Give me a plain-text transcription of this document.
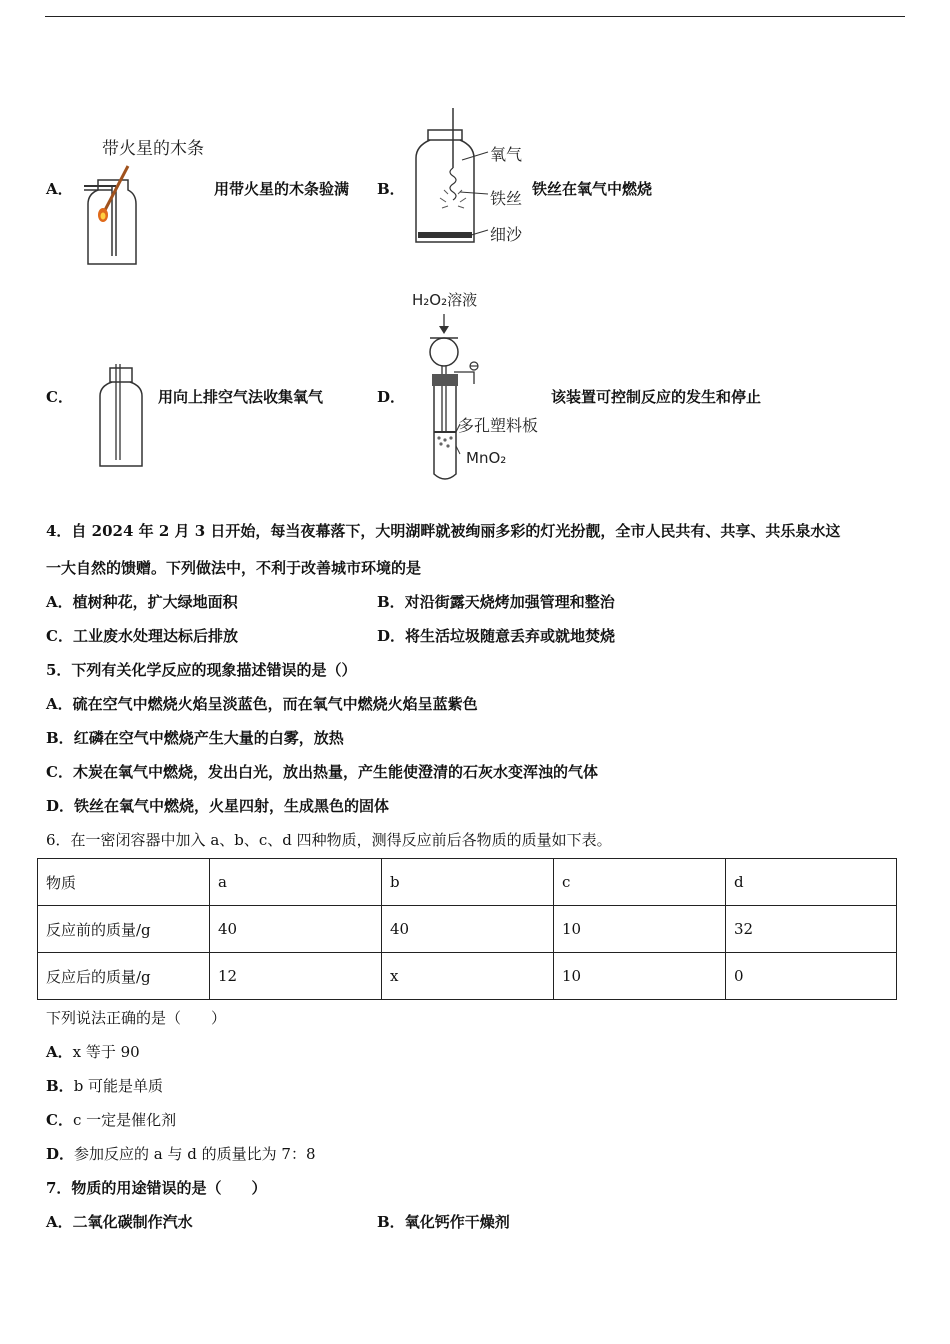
A．
带火星的木条
用带火星的木条验满 B．
氧气
铁丝
细沙
铁丝在氧气中燃烧
C．	用向上排空气法收集氧气	D．
H₂O₂溶液
多孔塑料板
MnO₂
该装置可控制反应的发生和停止
4．自 2024 年 2 月 3 日开始，每当夜幕落下，大明湖畔就被绚丽多彩的灯光扮靓，全市人民共有、共享、共乐泉水这
一大自然的馈赠。下列做法中，不利于改善城市环境的是
A．植树种花，扩大绿地面积	B．对沿街露天烧烤加强管理和整治
C．工业废水处理达标后排放	D．将生活垃圾随意丢弃或就地焚烧
5．下列有关化学反应的现象描述错误的是（）
A．硫在空气中燃烧火焰呈淡蓝色，而在氧气中燃烧火焰呈蓝紫色
B．红磷在空气中燃烧产生大量的白雾，放热
C．木炭在氧气中燃烧，发出白光，放出热量，产生能使澄清的石灰水变浑浊的气体
D．铁丝在氧气中燃烧，火星四射，生成黑色的固体
6．在一密闭容器中加入 a、b、c、d 四种物质，测得反应前后各物质的质量如下表。
物质	a	b	c	d
反应前的质量/g	40	40	10	32
反应后的质量/g	12	x	10	0
下列说法正确的是（　　）
A．x 等于 90
B．b 可能是单质
C．c 一定是催化剂
D．参加反应的 a 与 d 的质量比为 7：8
7．物质的用途错误的是（　　）
A．二氧化碳制作汽水	B．氧化钙作干燥剂
